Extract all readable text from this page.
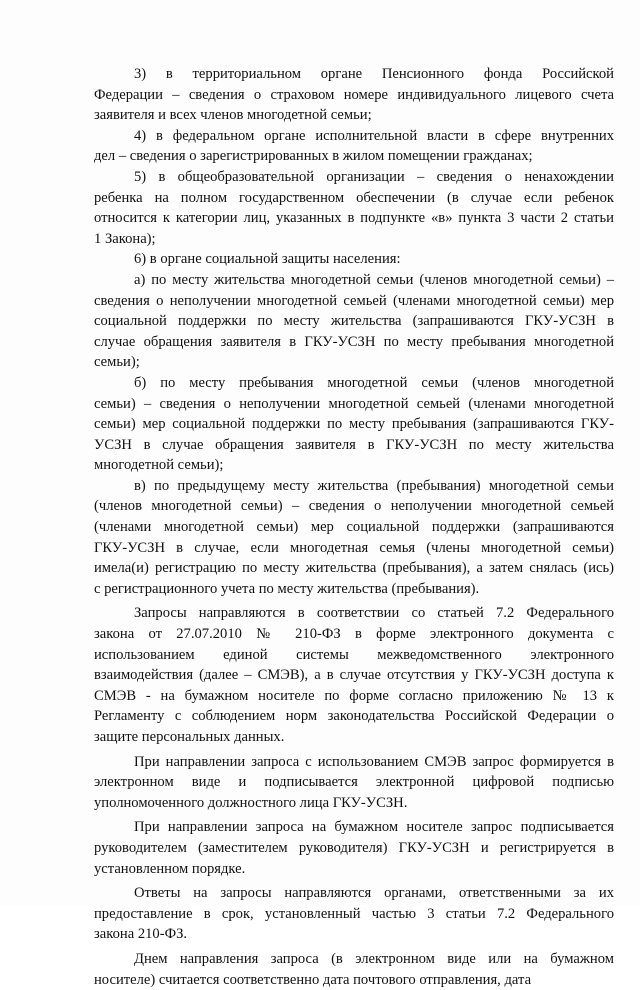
3) в территориальном органе Пенсионного фонда Российской
Федерации – сведения о страховом номере индивидуального лицевого счета
заявителя и всех членов многодетной семьи;
4) в федеральном органе исполнительной власти в сфере внутренних
дел – сведения о зарегистрированных в жилом помещении гражданах;
5) в общеобразовательной организации – сведения о ненахождении
ребенка на полном государственном обеспечении (в случае если ребенок
относится к категории лиц, указанных в подпункте «в» пункта 3 части 2 статьи
1 Закона);
6) в органе социальной защиты населения:
а) по месту жительства многодетной семьи (членов многодетной семьи) –
сведения о неполучении многодетной семьей (членами многодетной семьи) мер
социальной поддержки по месту жительства (запрашиваются ГКУ-УСЗН в
случае обращения заявителя в ГКУ-УСЗН по месту пребывания многодетной
семьи);
б) по месту пребывания многодетной семьи (членов многодетной
семьи) – сведения о неполучении многодетной семьей (членами многодетной
семьи) мер социальной поддержки по месту пребывания (запрашиваются ГКУ-
УСЗН в случае обращения заявителя в ГКУ-УСЗН по месту жительства
многодетной семьи);
в) по предыдущему месту жительства (пребывания) многодетной семьи
(членов многодетной семьи) – сведения о неполучении многодетной семьей
(членами многодетной семьи) мер социальной поддержки (запрашиваются
ГКУ-УСЗН в случае, если многодетная семья (члены многодетной семьи)
имела(и) регистрацию по месту жительства (пребывания), а затем снялась (ись)
с регистрационного учета по месту жительства (пребывания).
Запросы направляются в соответствии со статьей 7.2 Федерального
закона от 27.07.2010 № 210-ФЗ в форме электронного документа с
использованием единой системы межведомственного электронного
взаимодействия (далее – СМЭВ), а в случае отсутствия у ГКУ-УСЗН доступа к
СМЭВ - на бумажном носителе по форме согласно приложению № 13 к
Регламенту с соблюдением норм законодательства Российской Федерации о
защите персональных данных.
При направлении запроса с использованием СМЭВ запрос формируется в
электронном виде и подписывается электронной цифровой подписью
уполномоченного должностного лица ГКУ-УСЗН.
При направлении запроса на бумажном носителе запрос подписывается
руководителем (заместителем руководителя) ГКУ-УСЗН и регистрируется в
установленном порядке.
Ответы на запросы направляются органами, ответственными за их
предоставление в срок, установленный частью 3 статьи 7.2 Федерального
закона 210-ФЗ.
Днем направления запроса (в электронном виде или на бумажном
носителе) считается соответственно дата почтового отправления, дата
